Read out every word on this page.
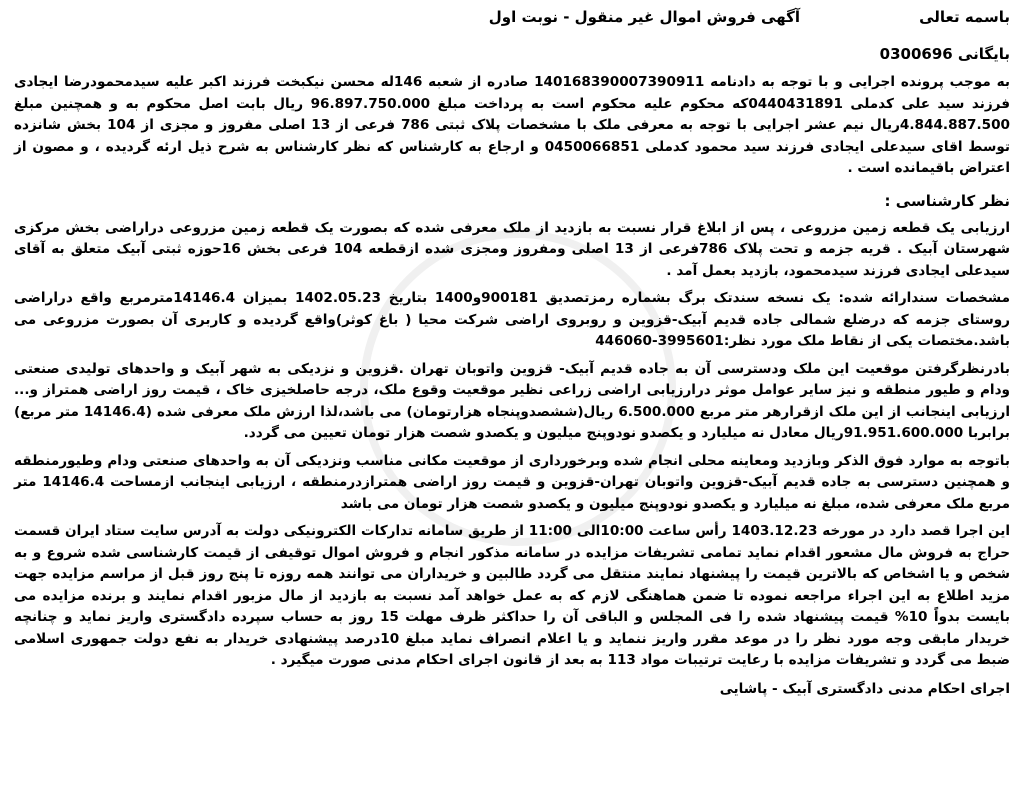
باسمه تعالی
آگهی فروش اموال غیر منقول - نوبت اول
بایگانی 0300696

به موجب پرونده اجرایی و با توجه به دادنامه 140168390007390911 صادره از شعبه 146له محسن نیکبخت فرزند اکبر علیه سیدمحمودرضا ایجادی فرزند سید علی کدملی 0440431891که محکوم علیه محکوم است به پرداخت مبلغ 96.897.750.000 ریال بابت اصل محکوم به و همچنین مبلغ 4.844.887.500ریال نیم عشر اجرایی با توجه به معرفی ملک با مشخصات پلاک ثبتی 786 فرعی از 13 اصلی مفروز و مجزی از 104 بخش شانزده توسط اقای سیدعلی ایجادی فرزند سید محمود کدملی 0450066851 و ارجاع به کارشناس که نظر کارشناس به شرح ذیل ارئه گردیده ، و مصون از اعتراض باقیمانده است .

نظر کارشناسی :

ارزیابی یک قطعه زمین مزروعی ، پس از ابلاغ قرار نسبت به بازدید از ملک معرفی شده که بصورت یک قطعه زمین مزروعی دراراضی بخش مرکزی شهرستان آبیک . قریه جزمه و تحت پلاک 786فرعی از 13 اصلی ومفروز ومجزی شده ازقطعه 104 فرعی بخش 16حوزه ثبتی آبیک متعلق به آقای سیدعلی ایجادی فرزند سیدمحمود، بازدید بعمل آمد .

مشخصات سندارائه شده: یک نسخه سندتک برگ بشماره رمزتصدیق 900181و1400 بتاریخ 1402.05.23 بمیزان 14146.4مترمربع واقع دراراضی روستای جزمه که درضلع شمالی جاده قدیم آبیک-قزوین و روبروی اراضی شرکت محیا ( باغ کوثر)واقع گردیده و کاربری آن بصورت مزروعی می باشد.مختصات یکی از نقاط ملک مورد نظر:3995601-446060

بادرنظرگرفتن موقعیت این ملک ودسترسی آن به جاده قدیم آبیک- قزوین واتوبان تهران .قزوین و نزدیکی به شهر آبیک و واحدهای تولیدی صنعتی ودام و طیور منطقه و نیز سایر عوامل موثر درارزیابی اراضی زراعی نظیر موقعیت وقوع ملک، درجه حاصلخیزی خاک ، قیمت روز اراضی همتراز و... ارزیابی اینجانب از این ملک ازقرارهر متر مربع 6.500.000 ریال(ششصدوپنجاه هزارتومان) می باشد،لذا ارزش ملک معرفی شده (14146.4 متر مربع) برابربا 91.951.600.000ریال معادل نه میلیارد و یکصدو نودوپنج میلیون و یکصدو شصت هزار تومان تعیین می گردد.

باتوجه به موارد فوق الذکر وبازدید ومعاینه محلی انجام شده وبرخورداری از موقعیت مکانی مناسب ونزدیکی آن به واحدهای صنعتی ودام وطیورمنطقه و همچنین دسترسی به جاده قدیم آبیک-قزوین واتوبان تهران-قزوین و قیمت روز اراضی همترازدرمنطقه ، ارزیابی اینجانب ازمساحت 14146.4 متر مربع ملک معرفی شده، مبلغ نه میلیارد و یکصدو نودوپنج میلیون و یکصدو شصت هزار تومان می باشد

این اجرا قصد دارد در مورخه 1403.12.23 رأس ساعت 10:00الی 11:00 از طریق سامانه تدارکات الکترونیکی دولت به آدرس سایت ستاد ایران قسمت حراج به فروش مال مشعور اقدام نماید تمامی تشریفات مزایده در سامانه مذکور انجام و فروش اموال توقیفی از قیمت کارشناسی شده شروع و به شخص و یا اشخاص که بالاترین قیمت را پیشنهاد نمایند منتقل می گردد طالبین و خریداران می توانند همه روزه تا پنج روز قبل از مراسم مزایده جهت مزید اطلاع به این اجراء مراجعه نموده تا ضمن هماهنگی لازم که به عمل خواهد آمد نسبت به بازدید از مال مزبور اقدام نمایند و برنده مزایده می بایست بدواً 10% قیمت پیشنهاد شده را فی المجلس و الباقی آن را حداکثر ظرف مهلت 15 روز به حساب سپرده دادگستری واریز نماید و چنانچه خریدار مابقی وجه مورد نظر را در موعد مقرر واریز ننماید و یا اعلام انصراف نماید مبلغ 10درصد پیشنهادی خریدار به نفع دولت جمهوری اسلامی ضبط می گردد و تشریفات مزایده با رعایت ترتیبات مواد 113 به بعد از قانون اجرای احکام مدنی صورت میگیرد .

اجرای احکام مدنی دادگستری آبیک - پاشایی
